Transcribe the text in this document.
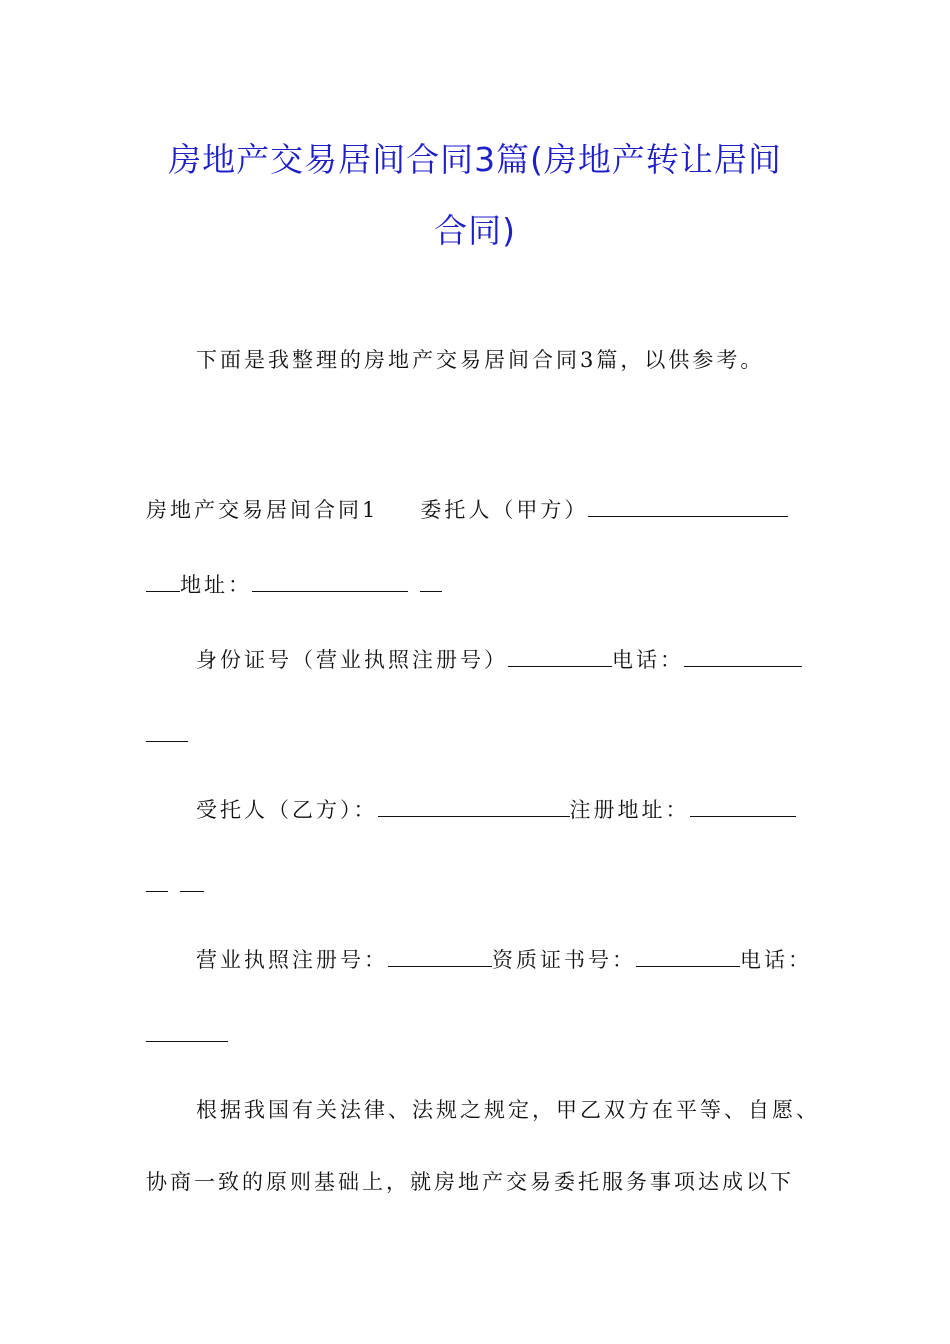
房地产交易居间合同3篇(房地产转让居间
合同)
下面是我整理的房地产交易居间合同3篇，以供参考。
房地产交易居间合同1 委托人（甲方）
地址：
身份证号（营业执照注册号）	电话：
受托人（乙方）：	注册地址：
营业执照注册号：	资质证书号：	电话：
根据我国有关法律、法规之规定，甲乙双方在平等、自愿、
协商一致的原则基础上，就房地产交易委托服务事项达成以下
